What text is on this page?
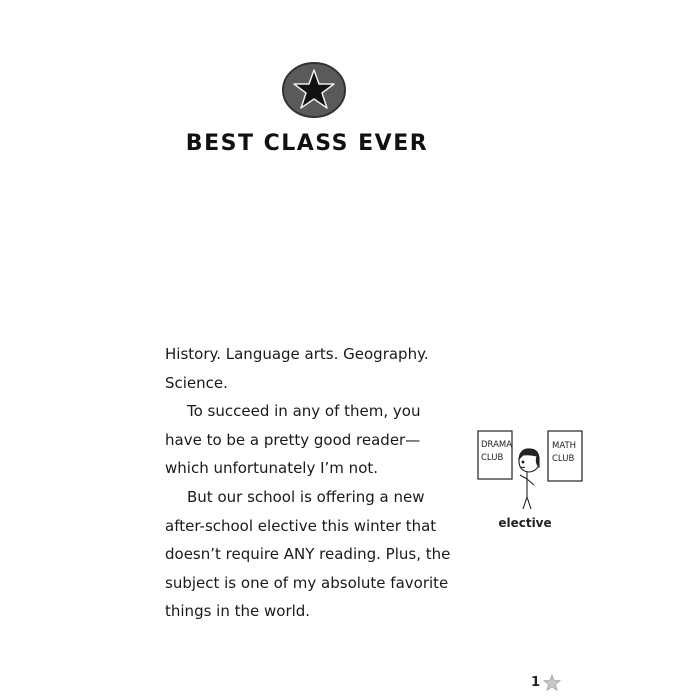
BEST CLASS EVER
History. Language arts. Geography.
Science.
To succeed in any of them, you
have to be a pretty good reader—
which unfortunately I’m not.
But our school is offering a new
after-school elective this winter that
doesn’t require ANY reading. Plus, the
subject is one of my absolute favorite
things in the world.
DRAMA
CLUB
MATH
CLUB
elective
1
